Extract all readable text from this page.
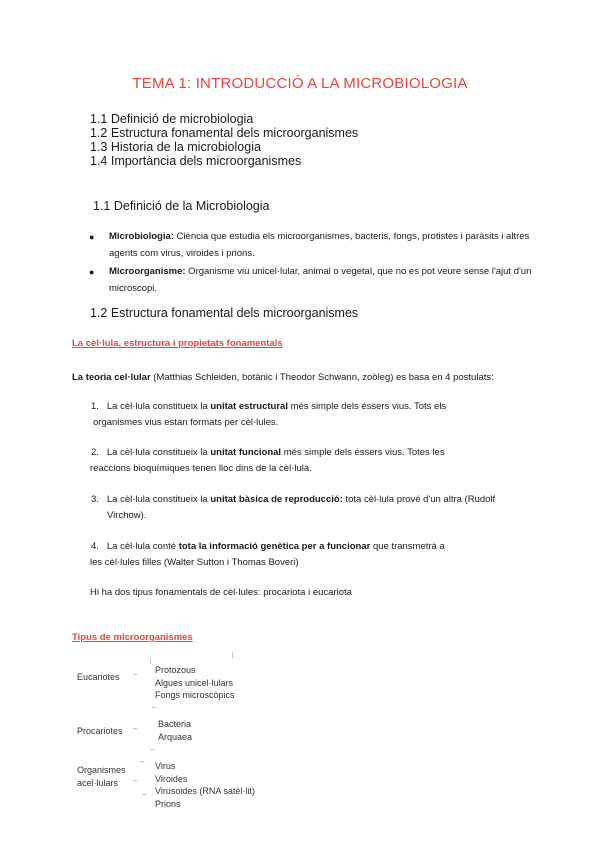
TEMA 1: INTRODUCCIÓ A LA MICROBIOLOGIA
1.1 Definició de microbiologia
1.2 Estructura fonamental dels microorganismes
1.3 Historia de la microbiologia
1.4 Importància dels microorganismes
1.1 Definició de la Microbiologia
●	Microbiologia: Ciència que estudia els microorganismes, bacteris, fongs, protistes i paràsits i altres agents com virus, viroides i prions.
●	Microorganisme: Organisme viu unicel·lular, animal o vegetal, que no es pot veure sense l'ajut d'un microscopi.
1.2 Estructura fonamental dels microorganismes
La cèl·lula, estructura i propietats fonamentals
La teoria cel·lular (Matthias Schleiden, botànic i Theodor Schwann, zoòleg) es basa en 4 postulats:
1. La cèl·lula constitueix la unitat estructural més simple dels éssers vius. Tots els
organismes vius estan formats per cèl·lules.
2. La cèl·lula constitueix la unitat funcional més simple dels éssers vius. Totes les
reaccions bioquímiques tenen lloc dins de la cèl·lula.
3. La cèl·lula constitueix la unitat bàsica de reproducció: tota cèl·lula prové d'un altra (Rudolf
Virchow).
4. La cèl·lula conté tota la informació genètica per a funcionar que transmetrà a
les cèl·lules filles (Walter Sutton i Thomas Boveri)
Hi ha dos tipus fonamentals de cèl·lules: procariota i eucariota
Tipus de microorganismes
Eucariotes – Protozous
Algues unicel·lulars
Fongs microscòpics
–
Procariotes – Bacteria
Arquaea
–
Organismes
acel·lulars
–
–
Virus
Viroides
Virusoides (RNA satèl·lit)
Prions
–
